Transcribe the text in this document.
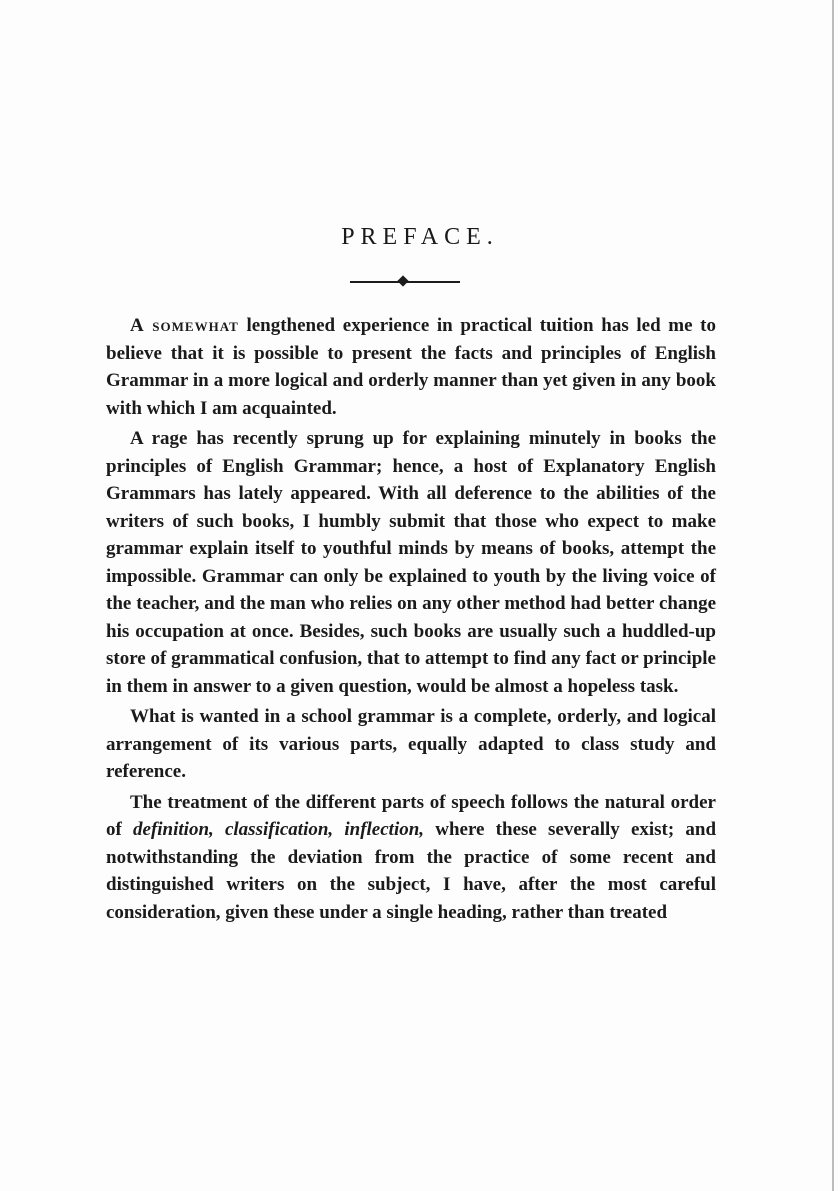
PREFACE.

A somewhat lengthened experience in practical tuition has led me to believe that it is possible to present the facts and principles of English Grammar in a more logical and orderly manner than yet given in any book with which I am acquainted.

A rage has recently sprung up for explaining minutely in books the principles of English Grammar; hence, a host of Explanatory English Grammars has lately appeared. With all deference to the abilities of the writers of such books, I humbly submit that those who expect to make grammar explain itself to youthful minds by means of books, attempt the impossible. Grammar can only be explained to youth by the living voice of the teacher, and the man who relies on any other method had better change his occupation at once. Besides, such books are usually such a huddled-up store of grammatical confusion, that to attempt to find any fact or principle in them in answer to a given question, would be almost a hopeless task.

What is wanted in a school grammar is a complete, orderly, and logical arrangement of its various parts, equally adapted to class study and reference.

The treatment of the different parts of speech follows the natural order of definition, classification, inflection, where these severally exist; and notwithstanding the deviation from the practice of some recent and distinguished writers on the subject, I have, after the most careful consideration, given these under a single heading, rather than treated
